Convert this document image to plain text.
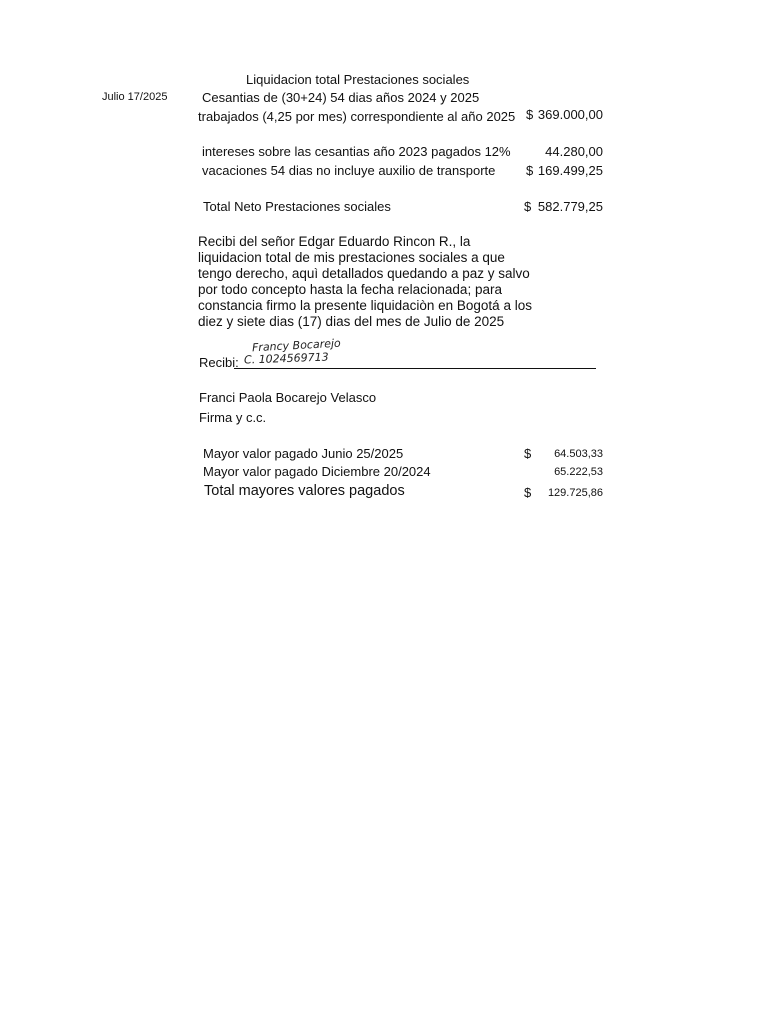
Julio 17/2025
Liquidacion total Prestaciones sociales
Cesantias de (30+24) 54 dias años 2024 y 2025
trabajados (4,25 por mes) correspondiente al año 2025 $ 369.000,00
intereses sobre las cesantias año 2023 pagados 12%	44.280,00
vacaciones 54 dias no incluye auxilio de transporte $ 169.499,25
Total Neto Prestaciones sociales	$ 582.779,25
Recibi del señor Edgar Eduardo Rincon R., la
liquidacion total de mis prestaciones sociales a que
tengo derecho, aquì detallados quedando a paz y salvo
por todo concepto hasta la fecha relacionada; para
constancia firmo la presente liquidaciòn en Bogotá a los
diez y siete dias (17) dias del mes de Julio de 2025
Recibi:
Francy Bocarejo
C. 1024569713
Franci Paola Bocarejo Velasco
Firma y c.c.
Mayor valor pagado Junio 25/2025	$ 64.503,33
Mayor valor pagado Diciembre 20/2024	65.222,53
Total mayores valores pagados	$ 129.725,86
